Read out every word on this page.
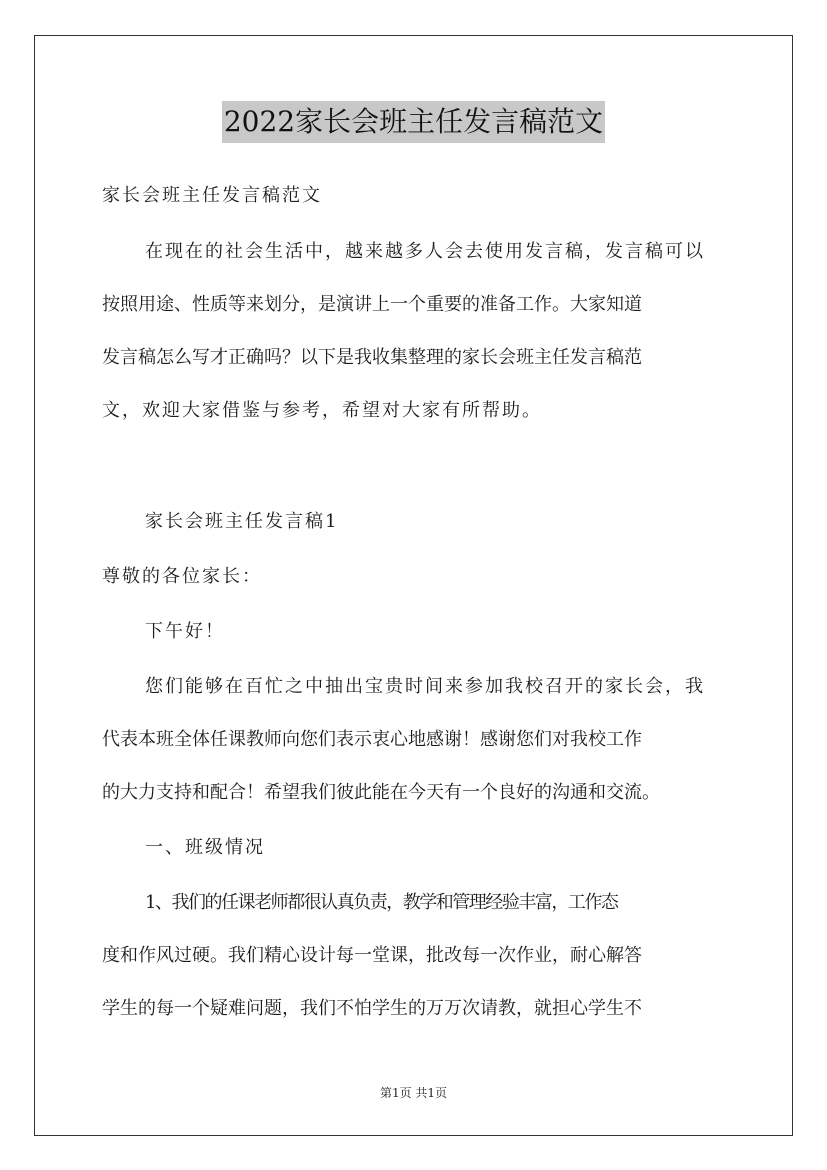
2022家长会班主任发言稿范文
家长会班主任发言稿范文
在现在的社会生活中，越来越多人会去使用发言稿，发言稿可以
按照用途、性质等来划分，是演讲上一个重要的准备工作。大家知道
发言稿怎么写才正确吗？以下是我收集整理的家长会班主任发言稿范
文，欢迎大家借鉴与参考，希望对大家有所帮助。
家长会班主任发言稿1
尊敬的各位家长：
下午好！
您们能够在百忙之中抽出宝贵时间来参加我校召开的家长会，我
代表本班全体任课教师向您们表示衷心地感谢！感谢您们对我校工作
的大力支持和配合！希望我们彼此能在今天有一个良好的沟通和交流。
一、班级情况
1、我们的任课老师都很认真负责，教学和管理经验丰富，工作态
度和作风过硬。我们精心设计每一堂课，批改每一次作业，耐心解答
学生的每一个疑难问题，我们不怕学生的万万次请教，就担心学生不
第1页 共1页
